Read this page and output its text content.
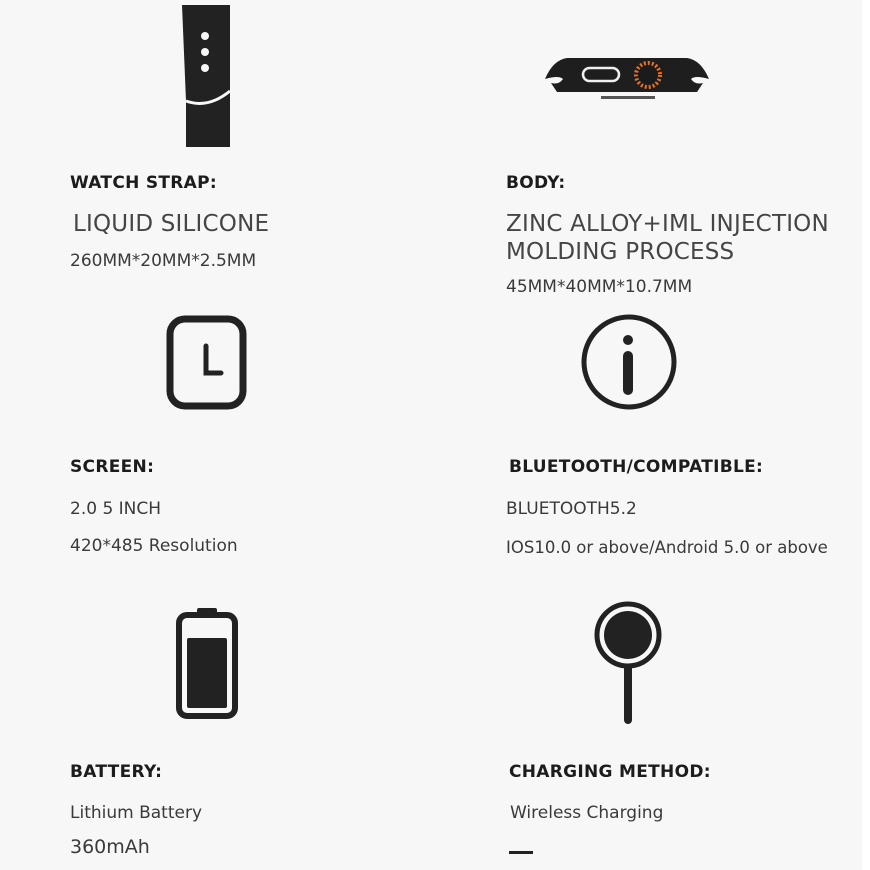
WATCH STRAP:
LIQUID SILICONE
260MM*20MM*2.5MM
BODY:
ZINC ALLOY+IML INJECTION
MOLDING PROCESS
45MM*40MM*10.7MM
SCREEN:
2.0 5 INCH
420*485 Resolution
BLUETOOTH/COMPATIBLE:
BLUETOOTH5.2
IOS10.0 or above/Android 5.0 or above
BATTERY:
Lithium Battery
360mAh
CHARGING METHOD:
Wireless Charging
